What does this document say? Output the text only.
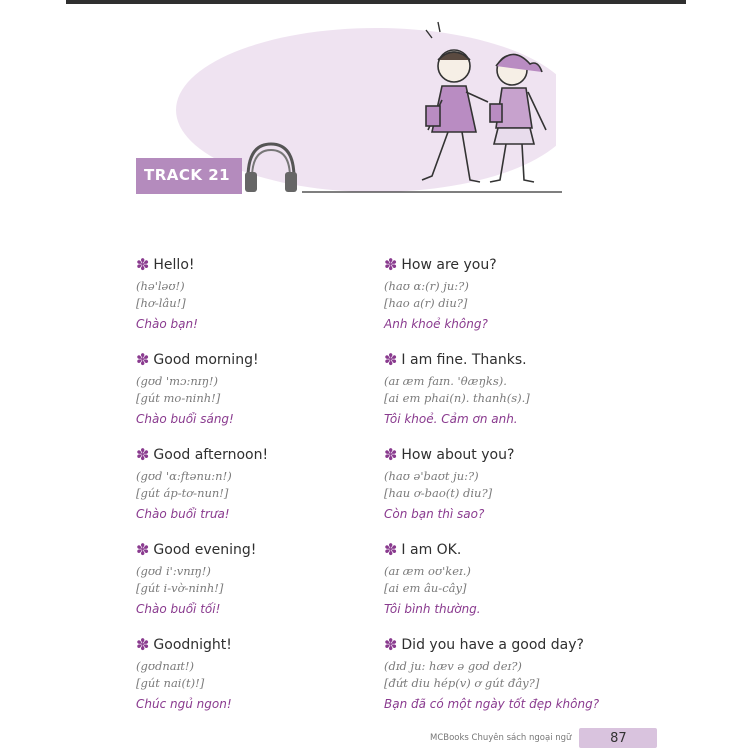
TRACK 21
✽ Hello!
(hə'ləʊ!)
[hơ-lâu!]
Chào bạn!
✽ Good morning!
(gʊd 'mɔ:nɪŋ!)
[gút mo-ninh!]
Chào buổi sáng!
✽ Good afternoon!
(gʊd 'ɑ:ftənu:n!)
[gút áp-tơ-nun!]
Chào buổi trưa!
✽ Good evening!
(gʊd i':vnɪŋ!)
[gút i-vờ-ninh!]
Chào buổi tối!
✽ Goodnight!
(gʊdnaɪt!)
[gút nai(t)!]
Chúc ngủ ngon!
✽ How are you?
(haʊ ɑ:(r) ju:?)
[hao a(r) diu?]
Anh khoẻ không?
✽ I am fine. Thanks.
(aɪ æm faɪn. 'θæŋks).
[ai em phai(n). thanh(s).]
Tôi khoẻ. Cảm ơn anh.
✽ How about you?
(haʊ ə'baʊt ju:?)
[hau ơ-bao(t) diu?]
Còn bạn thì sao?
✽ I am OK.
(aɪ æm oʊ'keɪ.)
[ai em âu-cây]
Tôi bình thường.
✽ Did you have a good day?
(dɪd ju: hæv ə gʊd deɪ?)
[đứt diu hép(v) ơ gút đây?]
Bạn đã có một ngày tốt đẹp không?
MCBooks Chuyên sách ngoại ngữ	87
